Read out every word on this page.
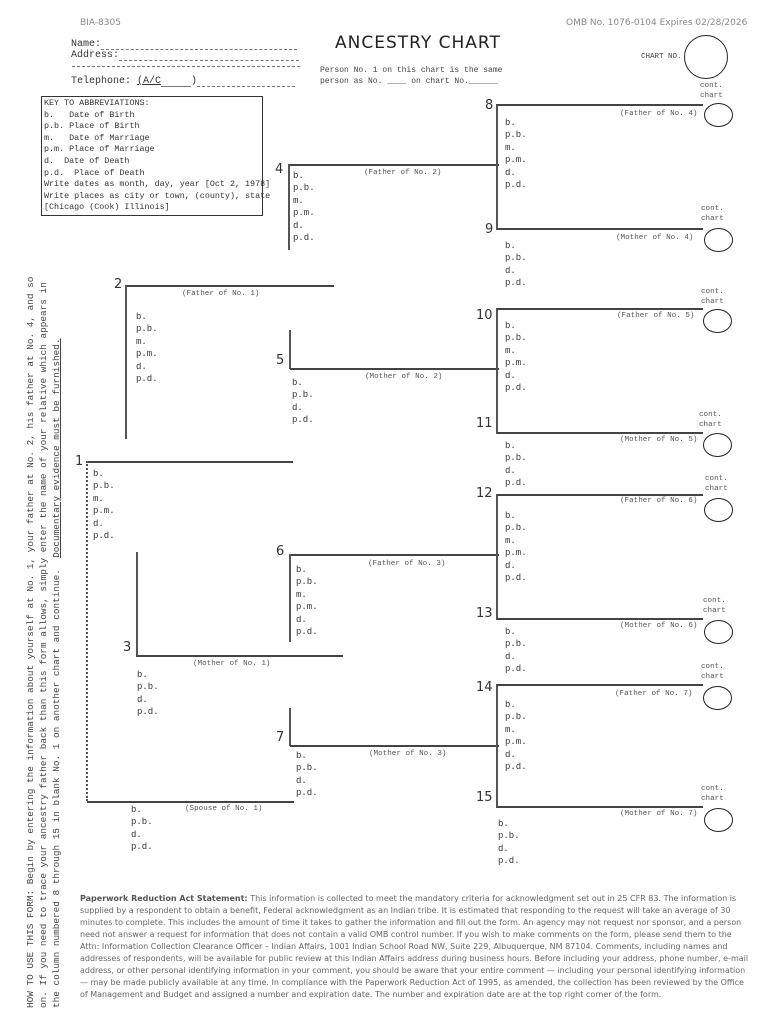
BIA-8305	OMB No. 1076-0104 Expires 02/28/2026
ANCESTRY CHART
Name:
Address:
Telephone: (A/C	)
Person No. 1 on this chart is the same
person as No. ____ on chart No.______
CHART NO.
KEY TO ABBREVIATIONS:
b.   Date of Birth
p.b. Place of Birth
m.   Date of Marriage
p.m. Place of Marriage
d.  Date of Death
p.d.  Place of Death
Write dates as month, day, year [Oct 2, 1978]
Write places as city or town, (county), state
[Chicago (Cook) Illinois]
HOW TO USE THIS FORM: Begin by entering the information about yourself at No. 1, your father at No. 2, his father at No. 4, and so on. If you need to trace your ancestry father back than this form allows, simply enter the name of your relative which appears in the column numbered 8 through 15 in blank No. 1 on another chart and continue.  Documentary evidence must be furnished. 1
b.
p.b.
m.
p.m.
d.
p.d.
(Spouse of No. 1)
b.
p.b.
d.
p.d.
2
(Father of No. 1)
b.
p.b.
m.
p.m.
d.
p.d.
3
(Mother of No. 1)
b.
p.b.
d.
p.d.
4	(Father of No. 2)
b.
p.b.
m.
p.m.
d.
p.d.
5
(Mother of No. 2)
b.
p.b.
d.
p.d.
6
(Father of No. 3)
b.
p.b.
m.
p.m.
d.
p.d.
7
(Mother of No. 3)
b.
p.b.
d.
p.d.
8
(Father of No. 4)
b.
p.b.
m.
p.m.
d.
p.d.
cont.
chart
9
(Mother of No. 4)
b.
p.b.
d.
p.d.
cont.
chart
10	(Father of No. 5)
b.
p.b.
m.
p.m.
d.
p.d.
cont.
chart
11
(Mother of No. 5)
b.
p.b.
d.
p.d.
cont.
chart
12	(Father of No. 6)
b.
p.b.
m.
p.m.
d.
p.d.
cont.
chart
13
(Mother of No. 6)
b.
p.b.
d.
p.d.
cont.
chart
14	(Father of No. 7)
b.
p.b.
m.
p.m.
d.
p.d.
cont.
chart
15
(Mother of No. 7)
b.
p.b.
d.
p.d.
cont.
chart
Paperwork Reduction Act Statement: This information is collected to meet the mandatory criteria for acknowledgment set out in 25 CFR 83. The information is supplied by a respondent to obtain a benefit, Federal acknowledgment as an Indian tribe. It is estimated that responding to the request will take an average of 30 minutes to complete. This includes the amount of time it takes to gather the information and fill out the form. An agency may not request nor sponsor, and a person need not answer a request for information that does not contain a valid OMB control number. If you wish to make comments on the form, please send them to the Attn: Information Collection Clearance Officer – Indian Affairs, 1001 Indian School Road NW, Suite 229, Albuquerque, NM 87104. Comments, including names and addresses of respondents, will be available for public review at this Indian Affairs address during business hours. Before including your address, phone number, e-mail address, or other personal identifying information in your comment, you should be aware that your entire comment — including your personal identifying information — may be made publicly available at any time. In compliance with the Paperwork Reduction Act of 1995, as amended, the collection has been reviewed by the Office of Management and Budget and assigned a number and expiration date. The number and expiration date are at the top right corner of the form.
